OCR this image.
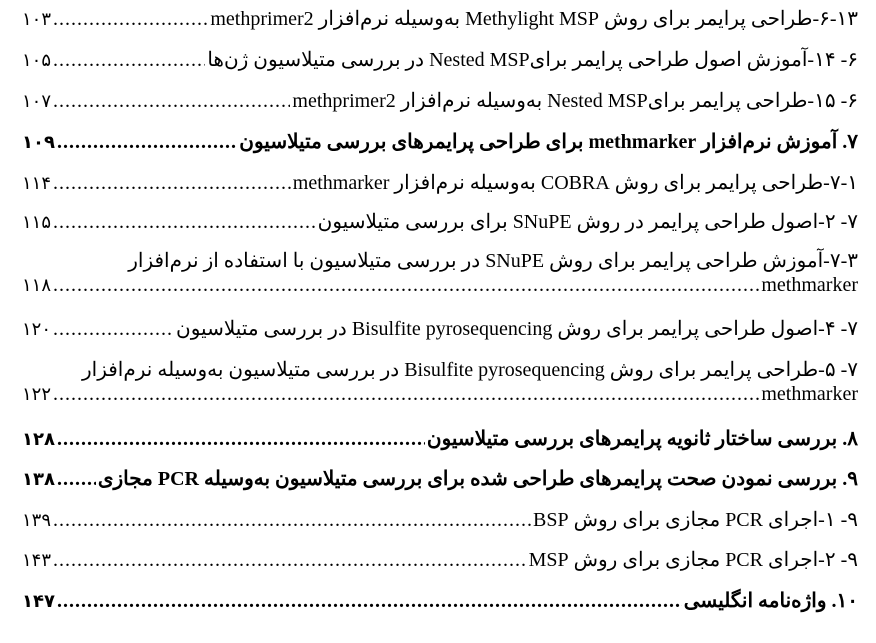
۶-۱۳-طراحی پرایمر برای روش Methylight MSP به‌وسیله نرم‌افزار methprimer2
.....
۱۰۳
۶- ۱۴-آموزش اصول طراحی پرایمر برای‌Nested MSP در بررسی متیلاسیون ژن‌ها
.....
۱۰۵
۶- ۱۵-طراحی پرایمر برای‌Nested MSP به‌وسیله نرم‌افزار methprimer2
.....
۱۰۷
۷. آموزش نرم‌افزار methmarker برای طراحی پرایمرهای بررسی متیلاسیون
.....
۱۰۹
۷-۱-طراحی پرایمر برای روش COBRA به‌وسیله نرم‌افزار methmarker
.....
۱۱۴
۷- ۲-اصول طراحی پرایمر در روش SNuPE برای بررسی متیلاسیون
.....
۱۱۵
۷-۳-آموزش طراحی پرایمر برای روش SNuPE در بررسی متیلاسیون با استفاده از نرم‌افزار
methmarker
.....
۱۱۸
۷- ۴-اصول طراحی پرایمر برای روش Bisulfite pyrosequencing در بررسی متیلاسیون
.....
۱۲۰
۷- ۵-طراحی پرایمر برای روش Bisulfite pyrosequencing در بررسی متیلاسیون به‌وسیله نرم‌افزار
methmarker
.....
۱۲۲
۸. بررسی ساختار ثانویه پرایمرهای بررسی متیلاسیون
.....
۱۲۸
۹. بررسی نمودن صحت پرایمرهای طراحی شده برای بررسی متیلاسیون به‌وسیله PCR مجازی
.....
۱۳۸
۹- ۱-اجرای PCR مجازی برای روش BSP
.....
۱۳۹
۹- ۲-اجرای PCR مجازی برای روش MSP
.....
۱۴۳
۱۰. واژه‌نامه انگلیسی
.....
۱۴۷
